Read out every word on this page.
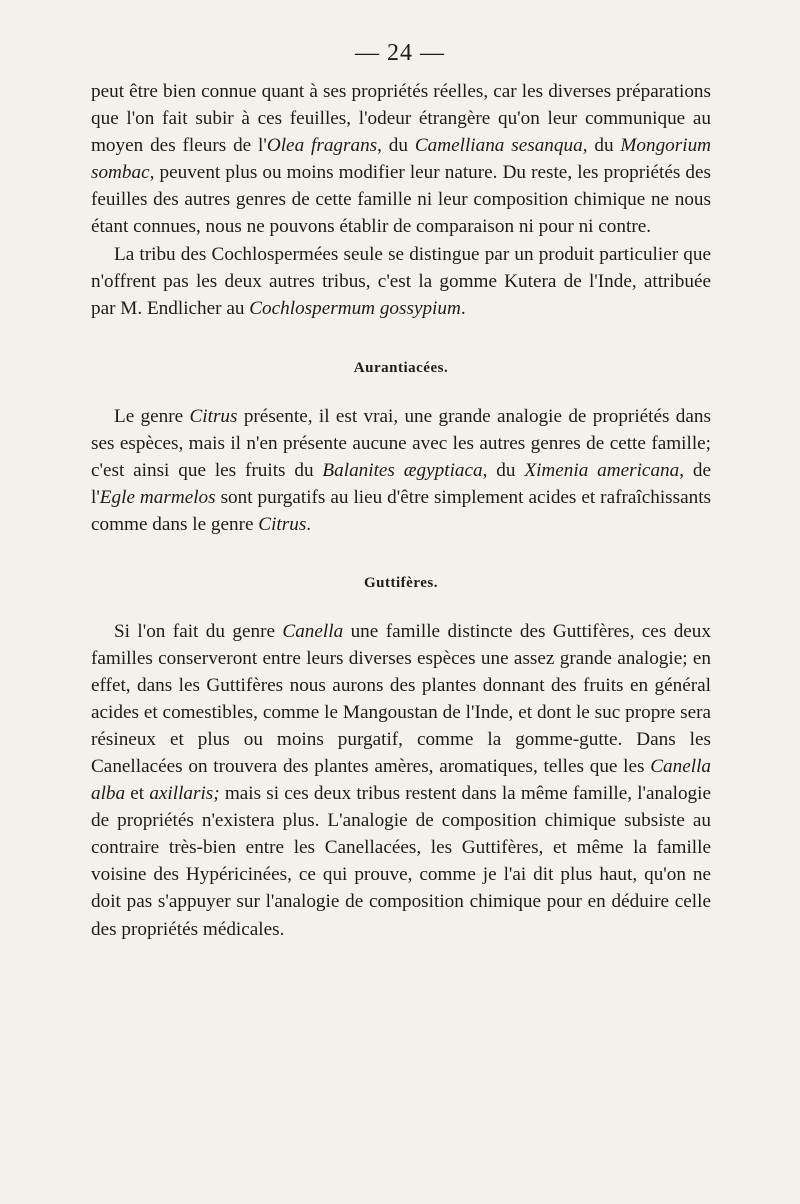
— 24 —

peut être bien connue quant à ses propriétés réelles, car les diverses préparations que l'on fait subir à ces feuilles, l'odeur étrangère qu'on leur communique au moyen des fleurs de l'Olea fragrans, du Camelliana sesanqua, du Mongorium sombac, peuvent plus ou moins modifier leur nature. Du reste, les propriétés des feuilles des autres genres de cette famille ni leur composition chimique ne nous étant connues, nous ne pouvons établir de comparaison ni pour ni contre.

La tribu des Cochlospermées seule se distingue par un produit particulier que n'offrent pas les deux autres tribus, c'est la gomme Kutera de l'Inde, attribuée par M. Endlicher au Cochlospermum gossypium.

Aurantiacées.

Le genre Citrus présente, il est vrai, une grande analogie de propriétés dans ses espèces, mais il n'en présente aucune avec les autres genres de cette famille; c'est ainsi que les fruits du Balanites ægyptiaca, du Ximenia americana, de l'Egle marmelos sont purgatifs au lieu d'être simplement acides et rafraîchissants comme dans le genre Citrus.

Guttifères.

Si l'on fait du genre Canella une famille distincte des Guttifères, ces deux familles conserveront entre leurs diverses espèces une assez grande analogie; en effet, dans les Guttifères nous aurons des plantes donnant des fruits en général acides et comestibles, comme le Mangoustan de l'Inde, et dont le suc propre sera résineux et plus ou moins purgatif, comme la gomme-gutte. Dans les Canellacées on trouvera des plantes amères, aromatiques, telles que les Canella alba et axillaris; mais si ces deux tribus restent dans la même famille, l'analogie de propriétés n'existera plus. L'analogie de composition chimique subsiste au contraire très-bien entre les Canellacées, les Guttifères, et même la famille voisine des Hypéricinées, ce qui prouve, comme je l'ai dit plus haut, qu'on ne doit pas s'appuyer sur l'analogie de composition chimique pour en déduire celle des propriétés médicales.
